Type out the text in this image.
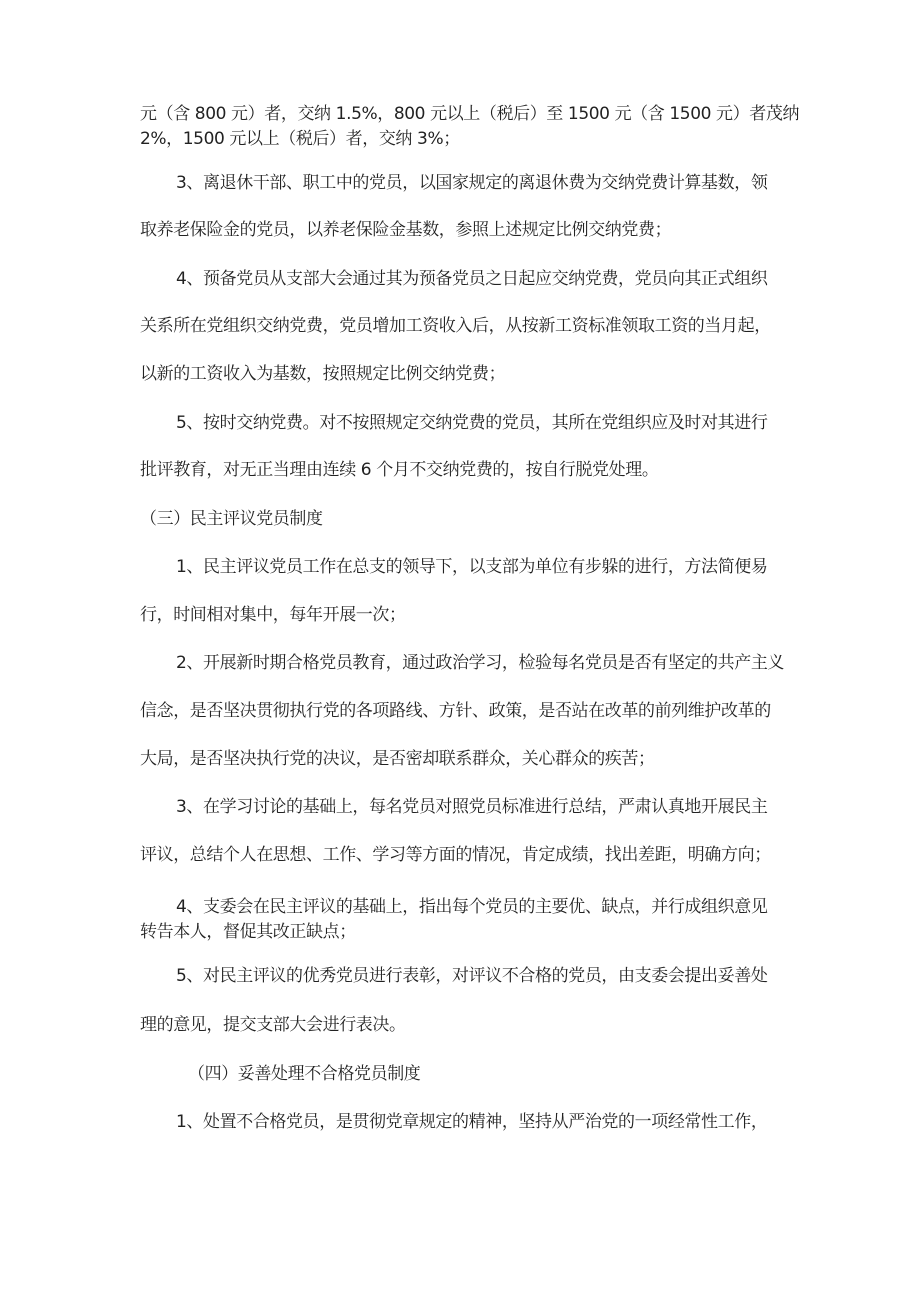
元（含 800 元）者，交纳 1.5%，800 元以上（税后）至 1500 元（含 1500 元）者茂纳

2%，1500 元以上（税后）者，交纳 3%；

3、离退休干部、职工中的党员，以国家规定的离退休费为交纳党费计算基数，领

取养老保险金的党员，以养老保险金基数，参照上述规定比例交纳党费；

4、预备党员从支部大会通过其为预备党员之日起应交纳党费，党员向其正式组织

关系所在党组织交纳党费，党员增加工资收入后，从按新工资标准领取工资的当月起，

以新的工资收入为基数，按照规定比例交纳党费；

5、按时交纳党费。对不按照规定交纳党费的党员，其所在党组织应及时对其进行

批评教育，对无正当理由连续 6 个月不交纳党费的，按自行脱党处理。

（三）民主评议党员制度

1、民主评议党员工作在总支的领导下，以支部为单位有步躲的进行，方法简便易

行，时间相对集中，每年开展一次；

2、开展新时期合格党员教育，通过政治学习，检验每名党员是否有坚定的共产主义

信念，是否坚决贯彻执行党的各项路线、方针、政策，是否站在改革的前列维护改革的

大局，是否坚决执行党的决议，是否密却联系群众，关心群众的疾苦；

3、在学习讨论的基础上，每名党员对照党员标准进行总结，严肃认真地开展民主

评议，总结个人在思想、工作、学习等方面的情况，肯定成绩，找出差距，明确方向；

4、支委会在民主评议的基础上，指出每个党员的主要优、缺点，并行成组织意见

转告本人，督促其改正缺点；

5、对民主评议的优秀党员进行表彰，对评议不合格的党员，由支委会提出妥善处

理的意见，提交支部大会进行表决。

（四）妥善处理不合格党员制度

1、处置不合格党员，是贯彻党章规定的精神，坚持从严治党的一项经常性工作，
